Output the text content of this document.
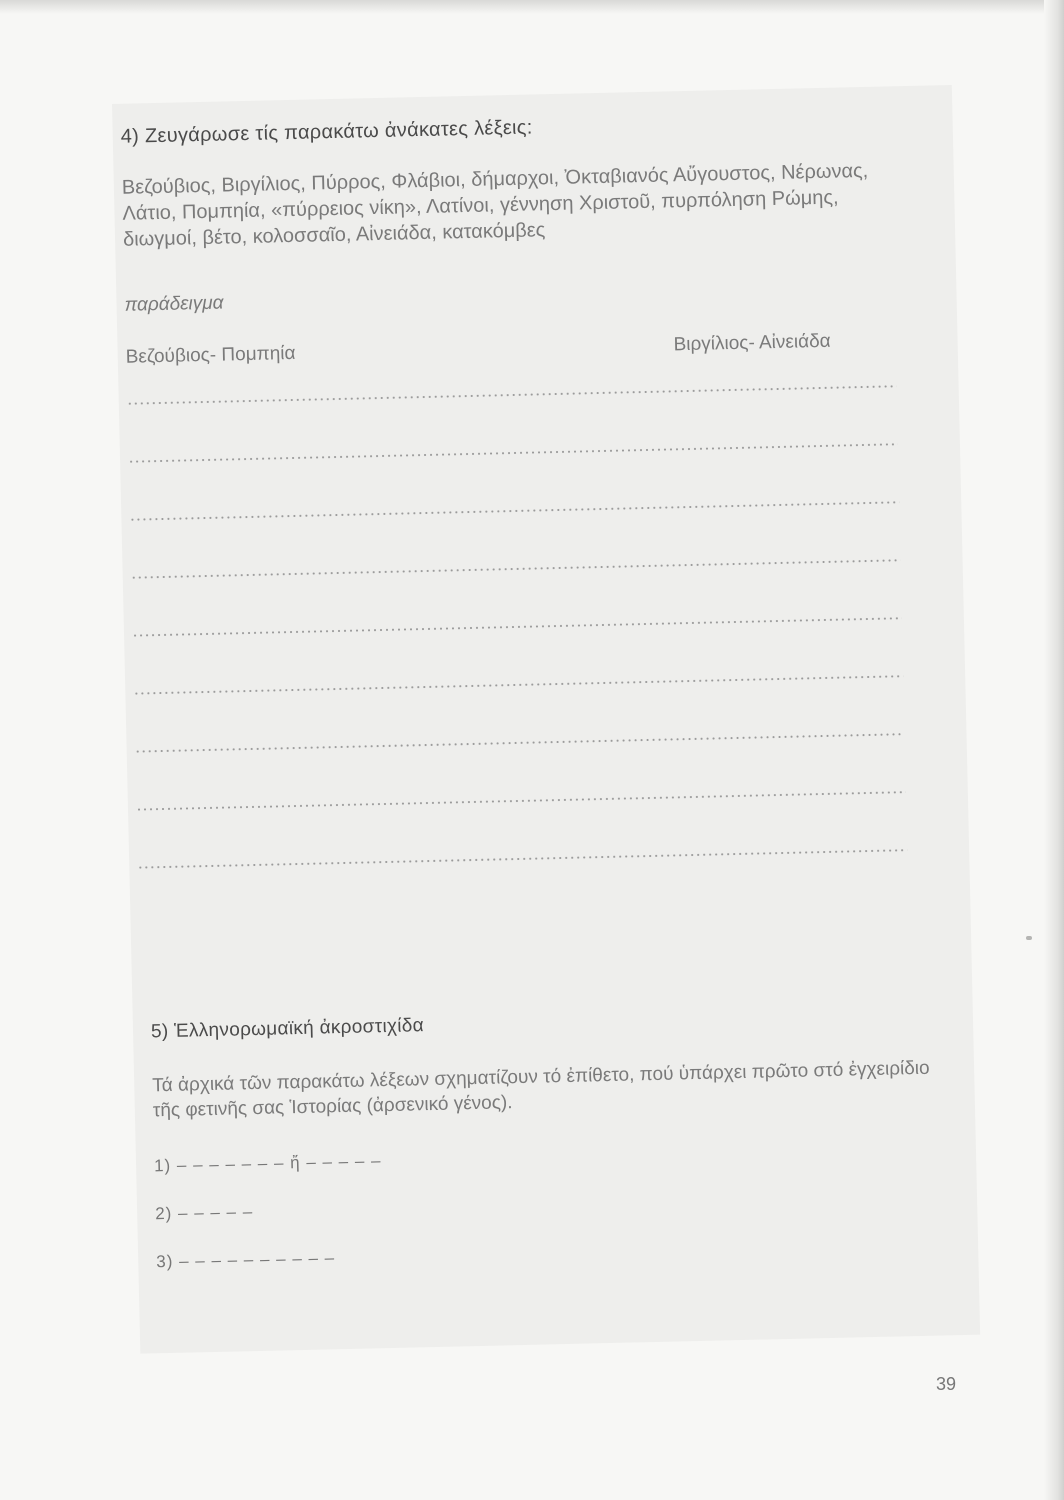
4) Ζευγάρωσε τίς παρακάτω ἀνάκατες λέξεις:

Βεζούβιος, Βιργίλιος, Πύρρος, Φλάβιοι, δήμαρχοι, Ὀκταβιανός Αὔγουστος, Νέρωνας, Λάτιο, Πομπηία, «πύρρειος νίκη», Λατίνοι, γέννηση Χριστοῦ, πυρπόληση Ρώμης, διωγμοί, βέτο, κολοσσαῖο, Αἰνειάδα, κατακόμβες

παράδειγμα
Βεζούβιος- Πομπηία	Βιργίλιος- Αἰνειάδα

5) Ἑλληνορωμαϊκή ἀκροστιχίδα

Τά ἀρχικά τῶν παρακάτω λέξεων σχηματίζουν τό ἐπίθετο, πού ὑπάρχει πρῶτο στό ἐγχειρίδιο τῆς φετινῆς σας Ἱστορίας (ἀρσενικό γένος).

1) – – – – – – – ἤ – – – – –
2) – – – – –
3) – – – – – – – – – –
39
